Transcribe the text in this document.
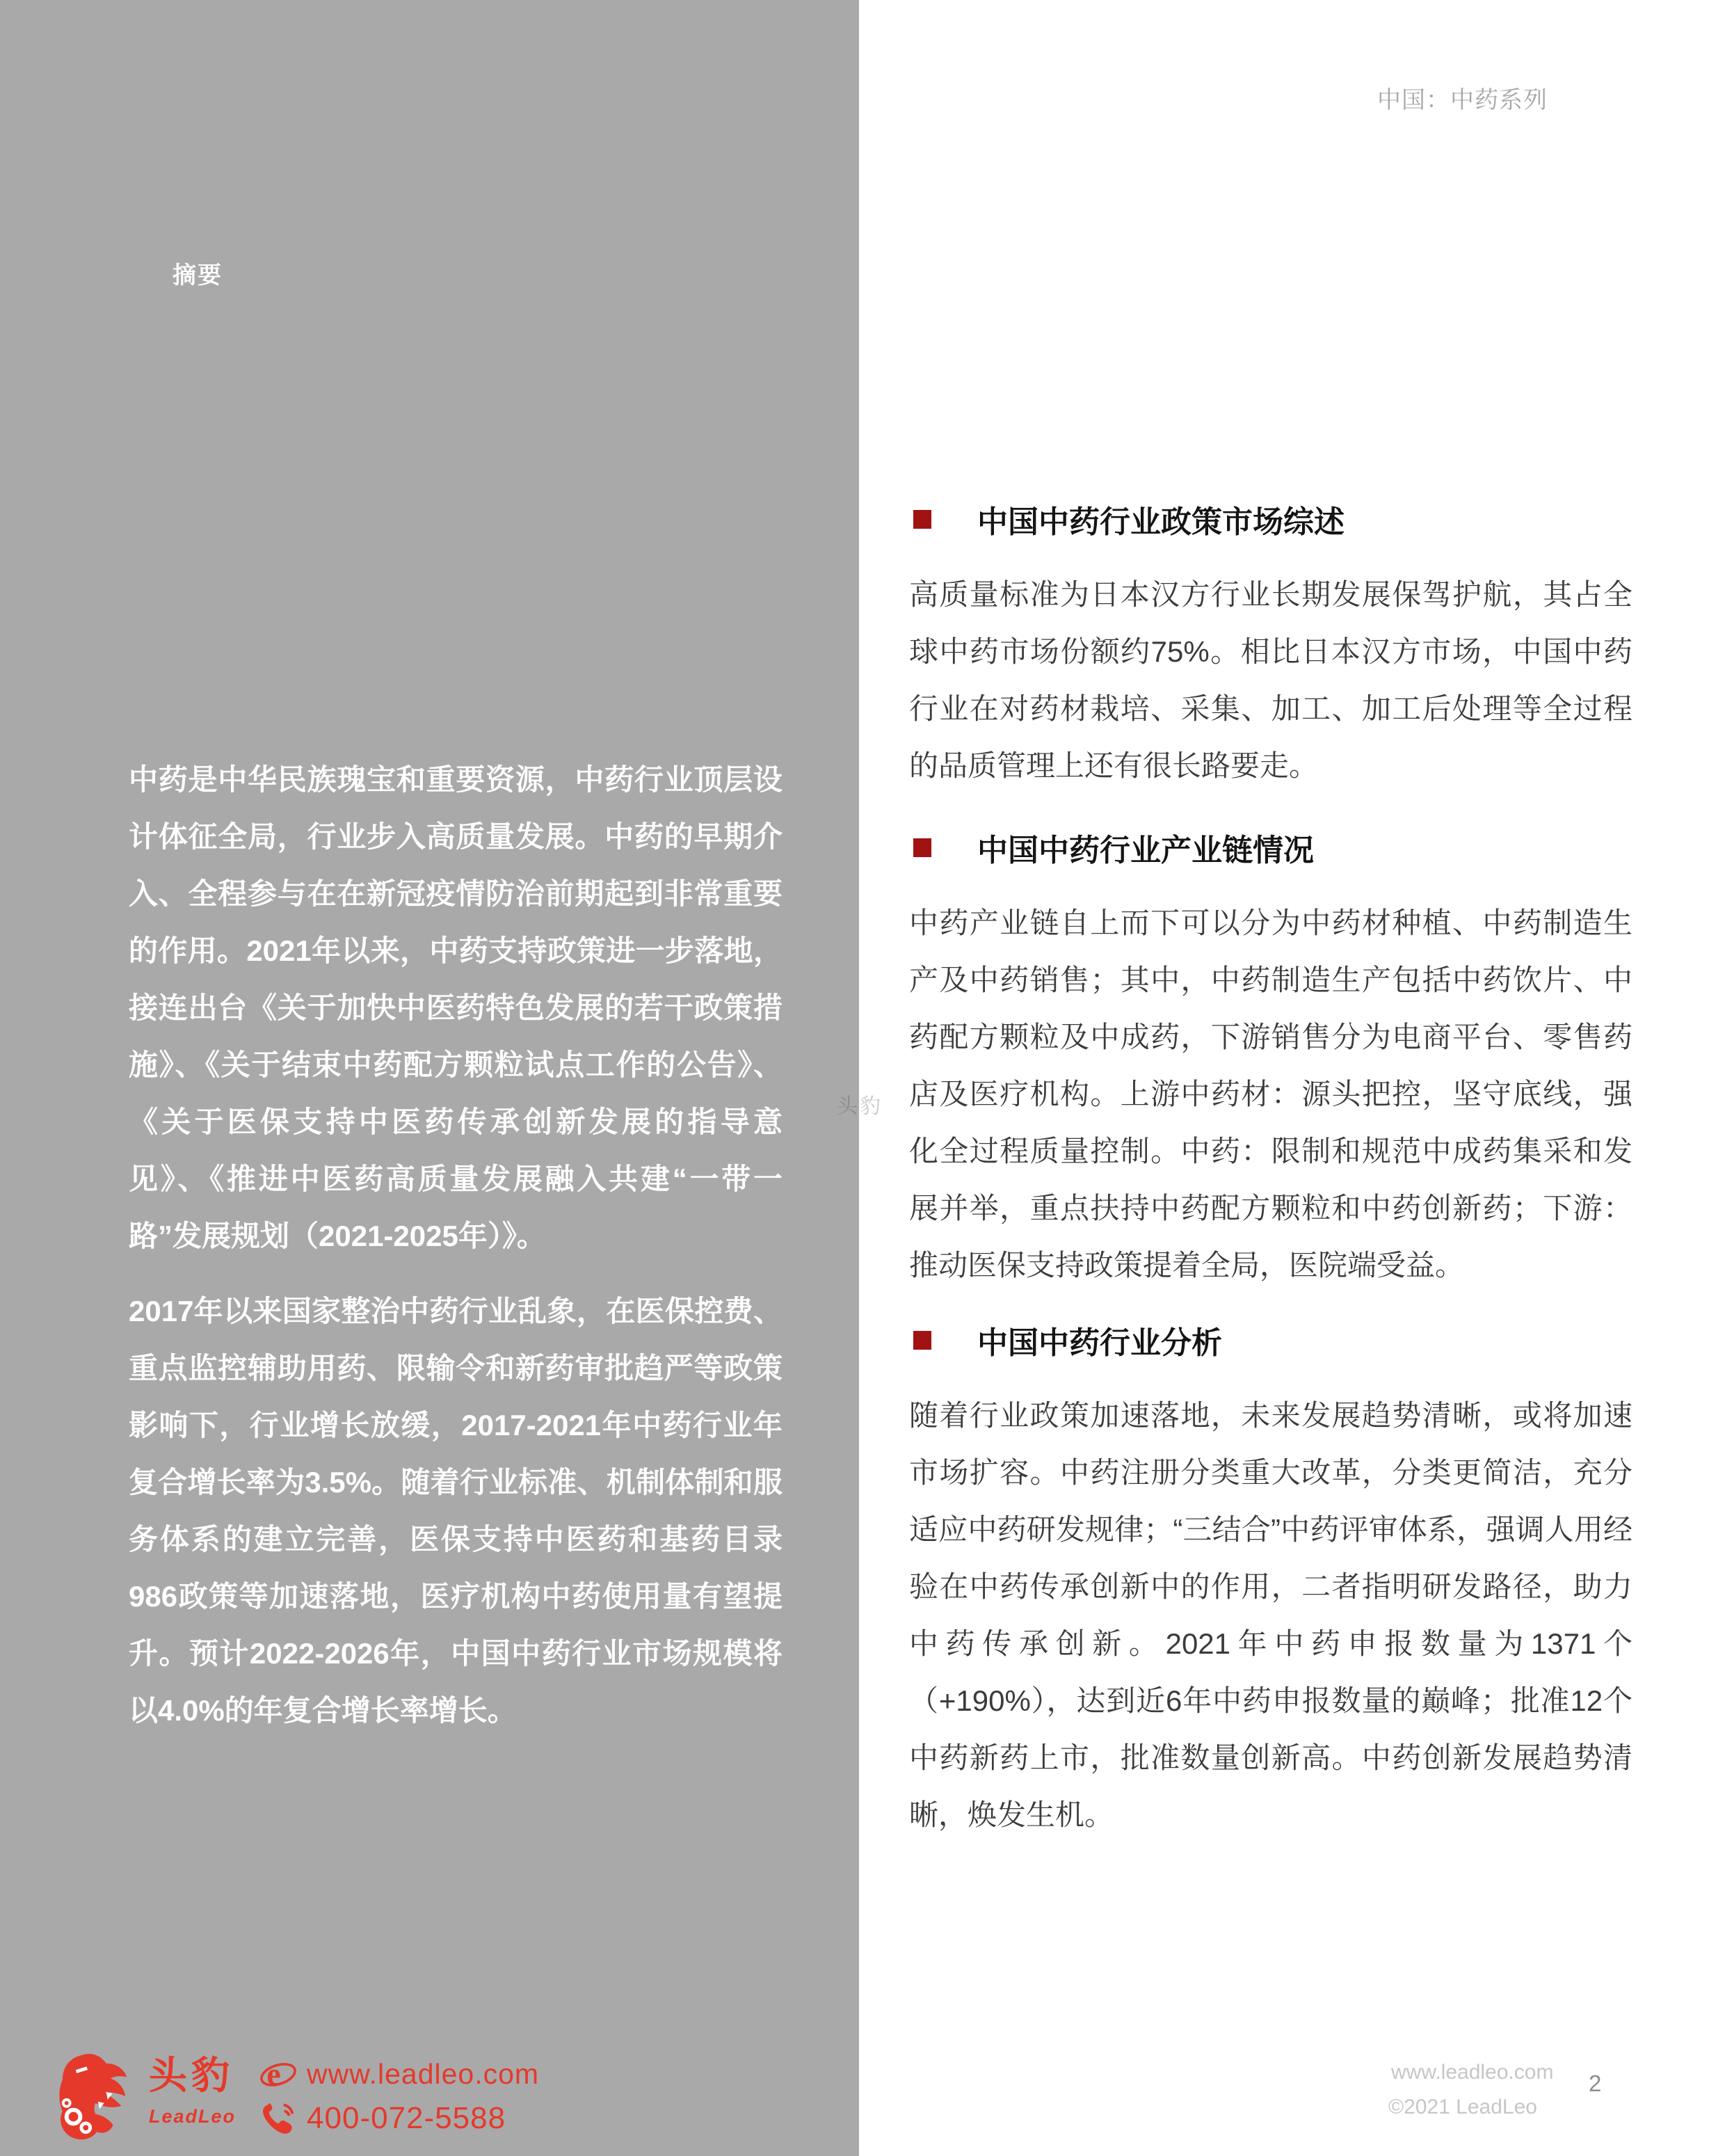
摘要

中药是中华民族瑰宝和重要资源，中药行业顶层设计体征全局，行业步入高质量发展。中药的早期介入、全程参与在在新冠疫情防治前期起到非常重要的作用。2021年以来，中药支持政策进一步落地，接连出台《关于加快中医药特色发展的若干政策措施》、《关于结束中药配方颗粒试点工作的公告》、《关于医保支持中医药传承创新发展的指导意见》、《推进中医药高质量发展融入共建“一带一路”发展规划（2021-2025年）》。

2017年以来国家整治中药行业乱象，在医保控费、重点监控辅助用药、限输令和新药审批趋严等政策影响下，行业增长放缓，2017-2021年中药行业年复合增长率为3.5%。随着行业标准、机制体制和服务体系的建立完善，医保支持中医药和基药目录986政策等加速落地，医疗机构中药使用量有望提升。预计2022-2026年，中国中药行业市场规模将以4.0%的年复合增长率增长。

中国：中药系列
头豹
中国中药行业政策市场综述

高质量标准为日本汉方行业长期发展保驾护航，其占全球中药市场份额约75%。相比日本汉方市场，中国中药行业在对药材栽培、采集、加工、加工后处理等全过程的品质管理上还有很长路要走。

中国中药行业产业链情况

中药产业链自上而下可以分为中药材种植、中药制造生产及中药销售；其中，中药制造生产包括中药饮片、中药配方颗粒及中成药，下游销售分为电商平台、零售药店及医疗机构。上游中药材：源头把控，坚守底线，强化全过程质量控制。中药：限制和规范中成药集采和发展并举，重点扶持中药配方颗粒和中药创新药；下游：推动医保支持政策提着全局，医院端受益。

中国中药行业分析

随着行业政策加速落地，未来发展趋势清晰，或将加速市场扩容。中药注册分类重大改革，分类更简洁，充分适应中药研发规律；“三结合”中药评审体系，强调人用经验在中药传承创新中的作用，二者指明研发路径，助力中药传承创新。2021年中药申报数量为1371个（+190%），达到近6年中药申报数量的巅峰；批准12个中药新药上市，批准数量创新高。中药创新发展趋势清晰，焕发生机。

头豹
LeadLeo
e www.leadleo.com
400-072-5588
www.leadleo.com
©2021 LeadLeo
2
